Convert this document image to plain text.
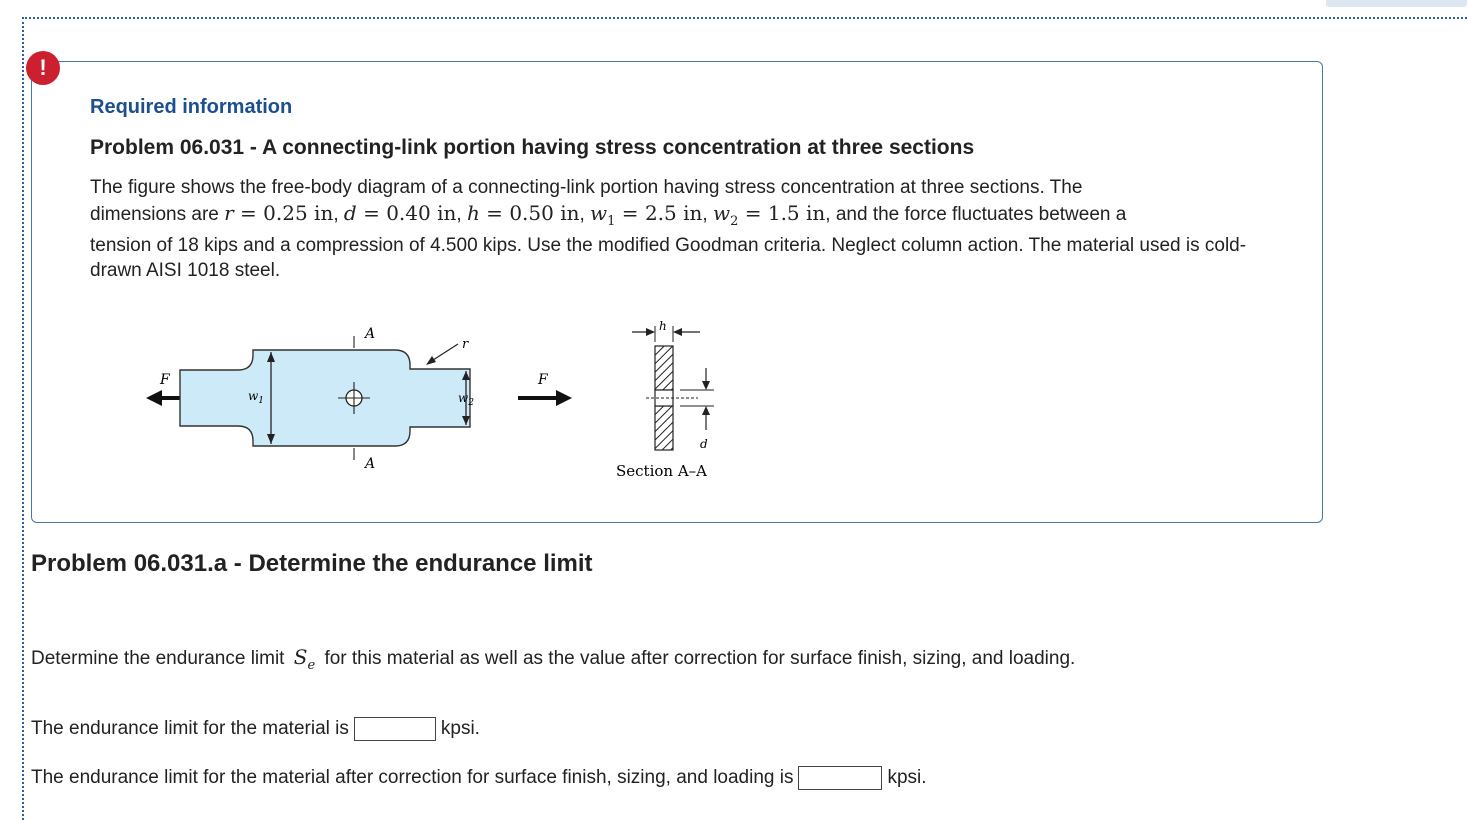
!
Required information
Problem 06.031 - A connecting-link portion having stress concentration at three sections
The figure shows the free-body diagram of a connecting-link portion having stress concentration at three sections. The
dimensions are r = 0.25 in, d = 0.40 in, h = 0.50 in, $w_1 = 2.5$ in, $w_2 = 1.5$ in, and the force fluctuates between a
tension of 18 kips and a compression of 4.500 kips. Use the modified Goodman criteria. Neglect column action. The material used is cold-drawn AISI 1018 steel.
F
$w_1$
A
A
r
$w_2$
F
h
d
Section A–A
Problem 06.031.a - Determine the endurance limit
Determine the endurance limit $S_e$ for this material as well as the value after correction for surface finish, sizing, and loading.
The endurance limit for the material is	kpsi.
The endurance limit for the material after correction for surface finish, sizing, and loading is	kpsi.
